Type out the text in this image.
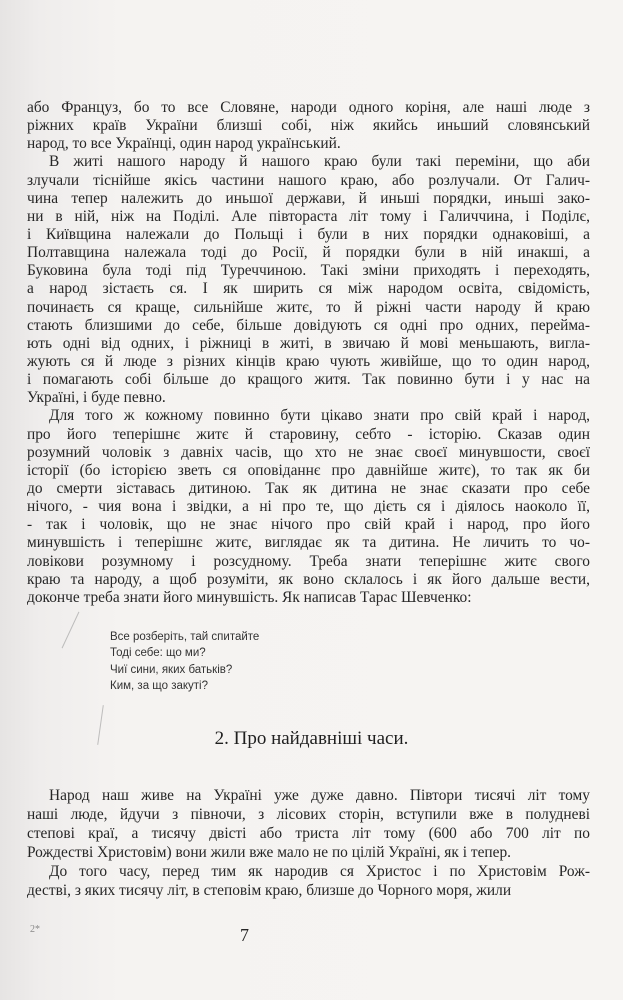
або Француз, бо то все Словяне, народи одного коріня, але наші люде з
ріжних країв України близші собі, ніж якийсь иньший словянський
народ, то все Українці, один народ український.
В житі нашого народу й нашого краю були такі переміни, що аби
злучали тіснійше якісь частини нашого краю, або розлучали. От Галич-
чина тепер належить до иньшої держави, й иньші порядки, иньші зако-
ни в ній, ніж на Поділі. Але півтораста літ тому і Галиччина, і Поділє,
і Київщина належали до Польщі і були в них порядки однаковіші, а
Полтавщина належала тоді до Росії, й порядки були в ній инакші, а
Буковина була тоді під Туреччиною. Такі зміни приходять і переходять,
а народ зістаєть ся. І як ширить ся між народом освіта, свідомість,
починаєть ся краще, сильнійше житє, то й ріжні части народу й краю
стають близшими до себе, більше довідують ся одні про одних, перейма-
ють одні від одних, і ріжниці в житі, в звичаю й мові меньшають, вигла-
жують ся й люде з різних кінців краю чують живійше, що то один народ,
і помагають собі більше до кращого житя. Так повинно бути і у нас на
Україні, і буде певно.
Для того ж кожному повинно бути цікаво знати про свій край і народ,
про його теперішнє житє й старовину, себто - історію. Сказав один
розумний чоловік з давніх часів, що хто не знає своєї минувшости, своєї
історії (бо історією зветь ся оповіданнє про давнійше житє), то так як би
до смерти зіставась дитиною. Так як дитина не знає сказати про себе
нічого, - чия вона і звідки, а ні про те, що дієть ся і діялось наоколо її,
- так і чоловік, що не знає нічого про свій край і народ, про його
минувшість і теперішнє житє, виглядає як та дитина. Не личить то чо-
ловікови розумному і розсудному. Треба знати теперішнє житє свого
краю та народу, а щоб розуміти, як воно склалось і як його дальше вести,
доконче треба знати його минувшість. Як написав Тарас Шевченко:
Все розберіть, тай спитайте
Тоді себе: що ми?
Чиї сини, яких батьків?
Ким, за що закуті?
2. Про найдавніші часи.
Народ наш живе на Україні уже дуже давно. Півтори тисячі літ тому
наші люде, йдучи з півночи, з лісових сторін, вступили вже в полудневі
степові краї, а тисячу двісті або триста літ тому (600 або 700 літ по
Рождестві Христовім) вони жили вже мало не по цілій Україні, як і тепер.
До того часу, перед тим як народив ся Христос і по Христовім Рож-
дестві, з яких тисячу літ, в степовім краю, близше до Чорного моря, жили
2*	7
